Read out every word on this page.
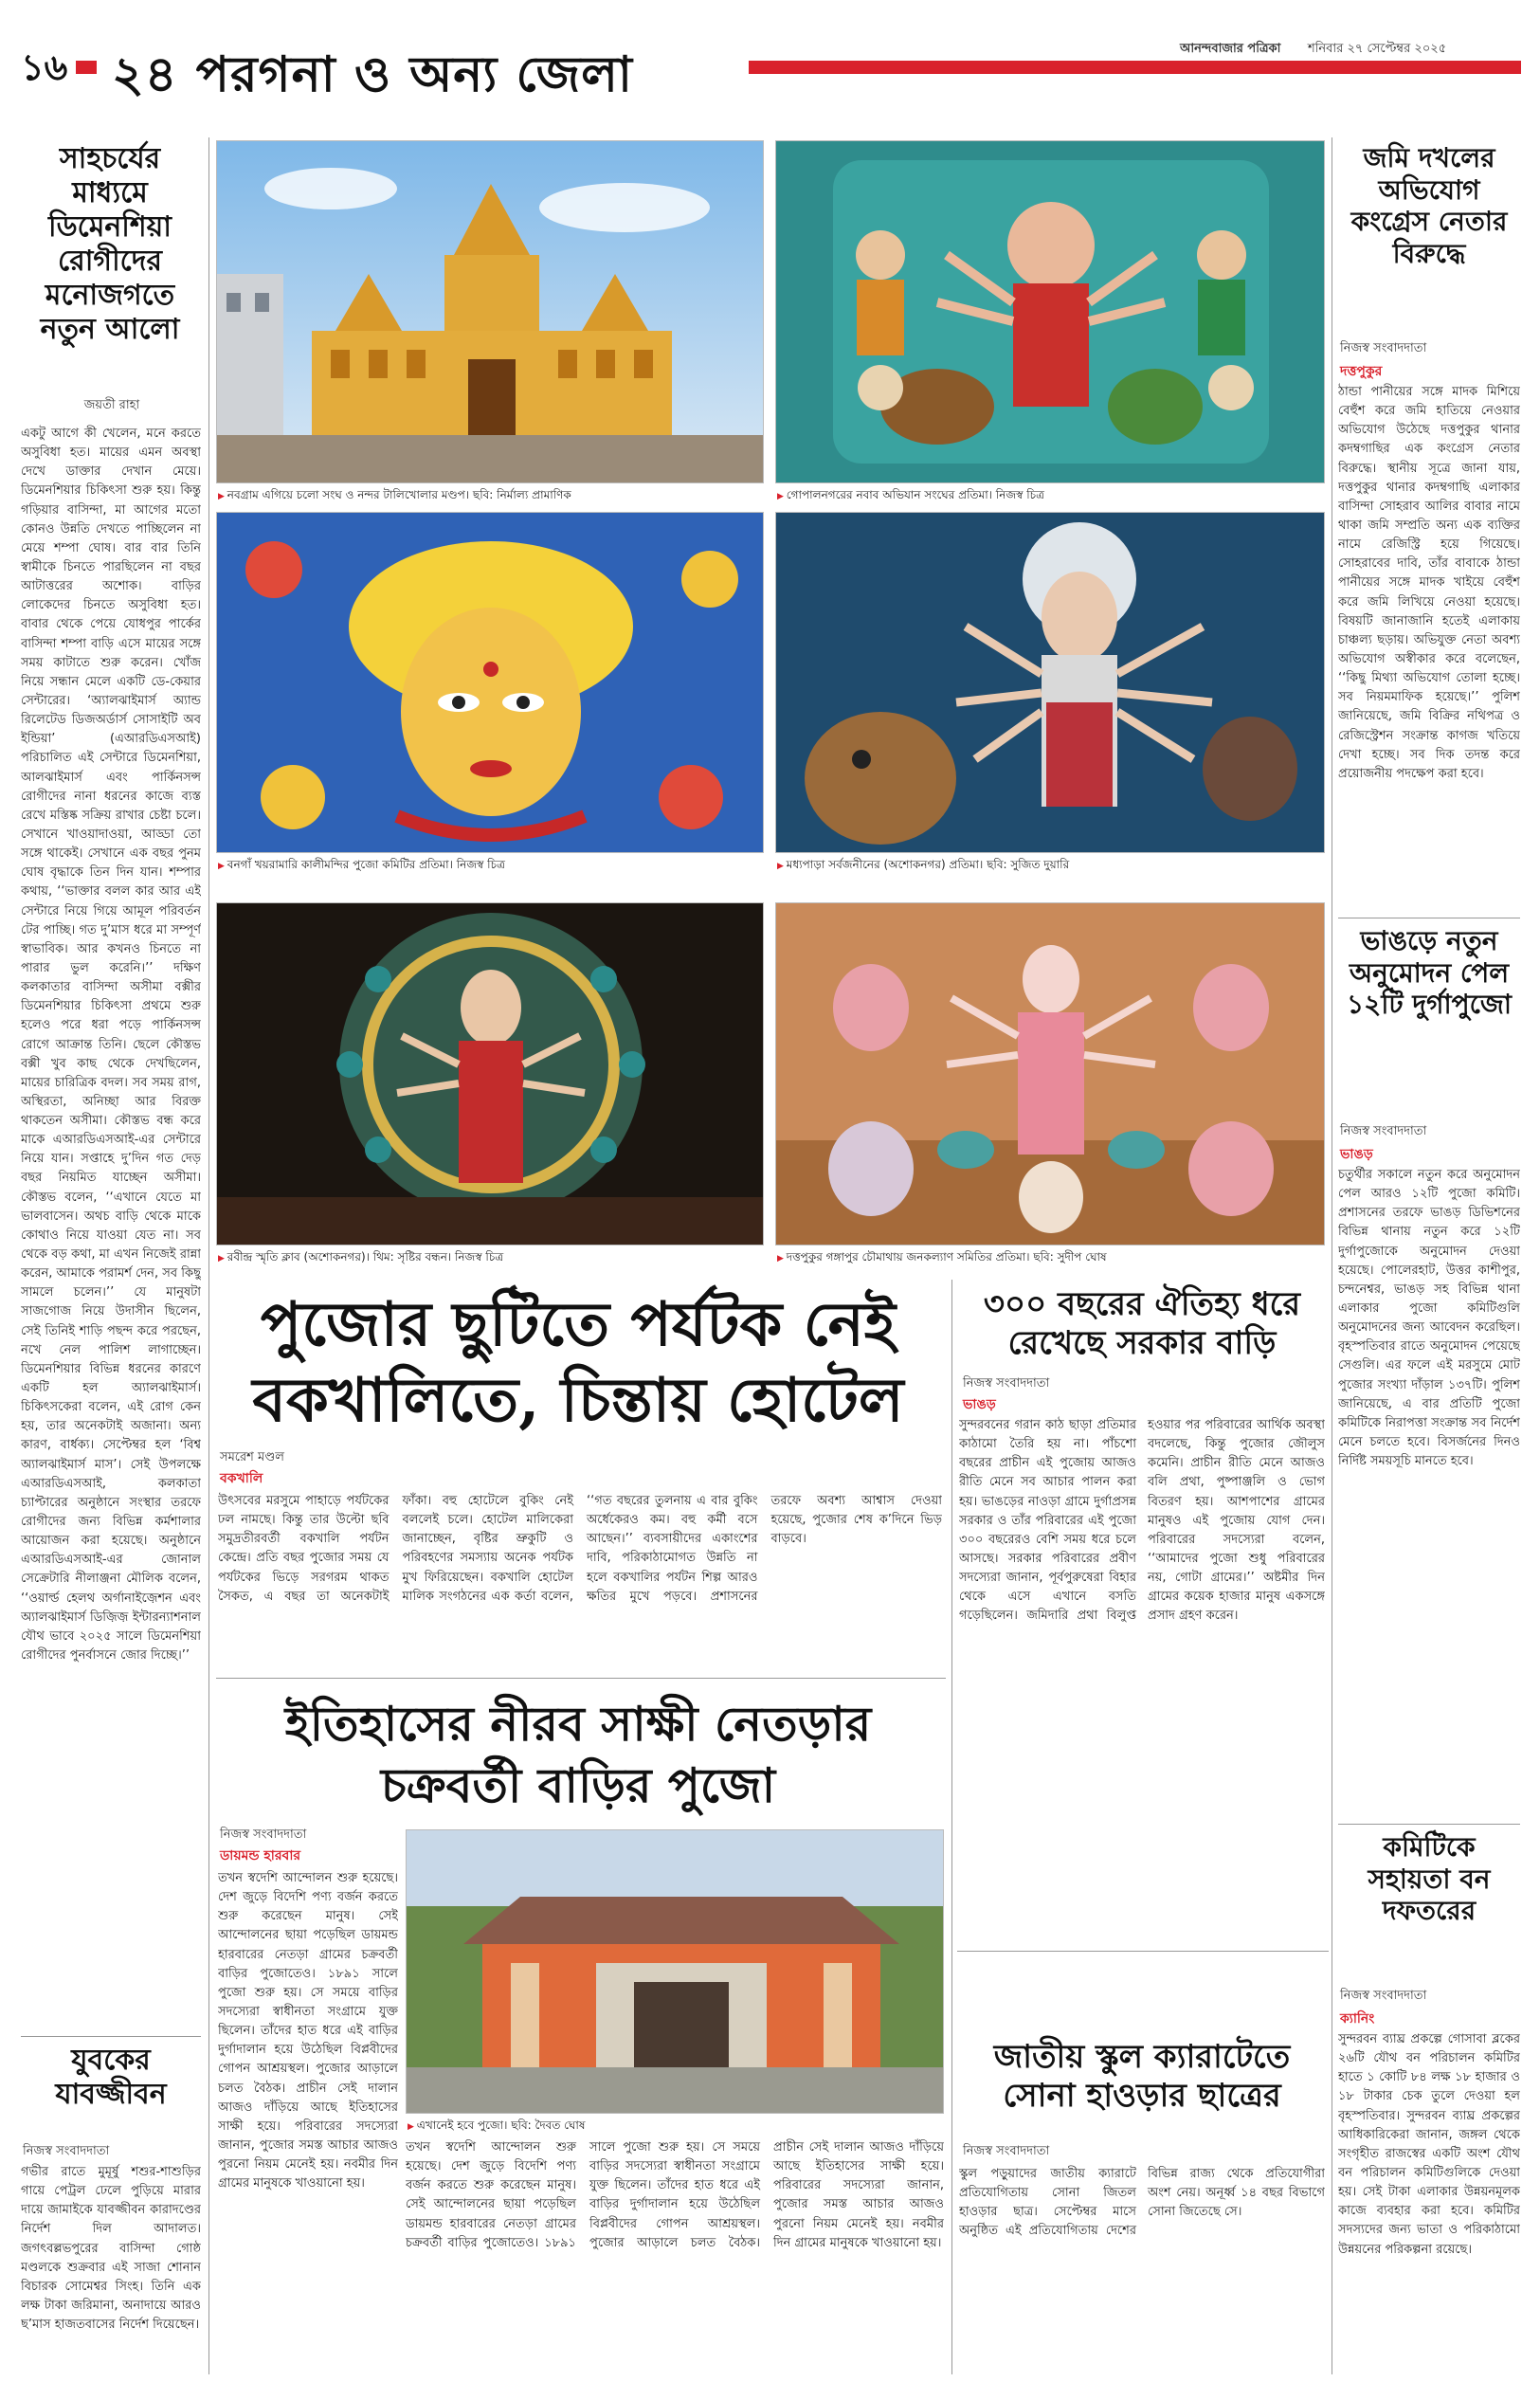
১৬ ২৪ পরগনা ও অন্য জেলা	আনন্দবাজার পত্রিকা শনিবার ২৭ সেপ্টেম্বর ২০২৫
সাহচর্যের মাধ্যমে ডিমেনশিয়া রোগীদের মনোজগতে নতুন আলো
জয়তী রাহা
একটু আগে কী খেলেন, মনে করতে অসুবিধা হত। মায়ের এমন অবস্থা দেখে ডাক্তার দেখান মেয়ে। ডিমেনশিয়ার চিকিৎসা শুরু হয়। কিন্তু গড়িয়ার বাসিন্দা, মা আগের মতো কোনও উন্নতি দেখতে পাচ্ছিলেন না মেয়ে শম্পা ঘোষ। বার বার তিনি স্বামীকে চিনতে পারছিলেন না বছর আটাত্তরের অশোক। বাড়ির লোকেদের চিনতে অসুবিধা হত। বাবার থেকে পেয়ে যোধপুর পার্কের বাসিন্দা শম্পা বাড়ি এসে মায়ের সঙ্গে সময় কাটাতে শুরু করেন। খোঁজ নিয়ে সন্ধান মেলে একটি ডে-কেয়ার সেন্টারের। ‘অ্যালঝাইমার্স অ্যান্ড রিলেটেড ডিজঅর্ডার্স সোসাইটি অব ইন্ডিয়া’ (এআরডিএসআই) পরিচালিত এই সেন্টারে ডিমেনশিয়া, আলঝাইমার্স এবং পার্কিনসন্স রোগীদের নানা ধরনের কাজে ব্যস্ত রেখে মস্তিষ্ক সক্রিয় রাখার চেষ্টা চলে। সেখানে খাওয়াদাওয়া, আড্ডা তো সঙ্গে থাকেই। সেখানে এক বছর পুনম ঘোষ বৃদ্ধাকে তিন দিন যান। শম্পার কথায়, ‘‘ভাক্তার বলল কার আর এই সেন্টারে নিয়ে গিয়ে আমূল পরিবর্তন টের পাচ্ছি। গত দু’মাস ধরে মা সম্পূর্ণ স্বাভাবিক। আর কখনও চিনতে না পারার ভুল করেনি।’’ দক্ষিণ কলকাতার বাসিন্দা অসীমা বক্সীর ডিমেনশিয়ার চিকিৎসা প্রথমে শুরু হলেও পরে ধরা পড়ে পার্কিনসন্স রোগে আক্রান্ত তিনি। ছেলে কৌস্তভ বক্সী খুব কাছ থেকে দেখছিলেন, মায়ের চারিত্রিক বদল। সব সময় রাগ, অস্থিরতা, অনিচ্ছা আর বিরক্ত থাকতেন অসীমা। কৌস্তভ বন্ধ করে মাকে এআরডিএসআই-এর সেন্টারে নিয়ে যান। সপ্তাহে দু’দিন গত দেড় বছর নিয়মিত যাচ্ছেন অসীমা। কৌস্তভ বলেন, ‘‘এখানে যেতে মা ভালবাসেন। অথচ বাড়ি থেকে মাকে কোথাও নিয়ে যাওয়া যেত না। সব থেকে বড় কথা, মা এখন নিজেই রান্না করেন, আমাকে পরামর্শ দেন, সব কিছু সামলে চলেন।’’ যে মানুষটা সাজগোজ নিয়ে উদাসীন ছিলেন, সেই তিনিই শাড়ি পছন্দ করে পরছেন, নখে নেল পালিশ লাগাচ্ছেন। ডিমেনশিয়ার বিভিন্ন ধরনের কারণে একটি হল অ্যালঝাইমার্স। চিকিৎসকেরা বলেন, এই রোগ কেন হয়, তার অনেকটাই অজানা। অন্য কারণ, বার্ধক্য। সেপ্টেম্বর হল ‘বিশ্ব অ্যালঝাইমার্স মাস’। সেই উপলক্ষে এআরডিএসআই, কলকাতা চ্যাপ্টারের অনুষ্ঠানে সংস্থার তরফে রোগীদের জন্য বিভিন্ন কর্মশালার আয়োজন করা হয়েছে। অনুষ্ঠানে এআরডিএসআই-এর জোনাল সেক্রেটারি নীলাঞ্জনা মৌলিক বলেন, ‘‘ওয়ার্ল্ড হেলথ অর্গানাইজ়েশন এবং অ্যালঝাইমার্স ডিজ়িজ় ইন্টারন্যাশনাল যৌথ ভাবে ২০২৫ সালে ডিমেনশিয়া রোগীদের পুনর্বাসনে জোর দিচ্ছে।’’
যুবকের যাবজ্জীবন
নিজস্ব সংবাদদাতা
গভীর রাতে মুমূর্ষু শশুর-শাশুড়ির গায়ে পেট্রল ঢেলে পুড়িয়ে মারার দায়ে জামাইকে যাবজ্জীবন কারাদণ্ডের নির্দেশ দিল আদালত। জগৎবল্লভপুরের বাসিন্দা গোষ্ঠ মণ্ডলকে শুক্রবার এই সাজা শোনান বিচারক সোমেশ্বর সিংহ। তিনি এক লক্ষ টাকা জরিমানা, অনাদায়ে আরও ছ’মাস হাজতবাসের নির্দেশ দিয়েছেন।
▶ নবগ্রাম এগিয়ে চলো সংঘ ও নন্দর টালিখোলার মণ্ডপ। ছবি: নির্মাল্য প্রামাণিক	▶ গোপালনগরের নবাব অভিযান সংঘের প্রতিমা। নিজস্ব চিত্র
▶ বনগাঁ খয়রামারি কালীমন্দির পুজো কমিটির প্রতিমা। নিজস্ব চিত্র	▶ মধ্যপাড়া সর্বজনীনের (অশোকনগর) প্রতিমা। ছবি: সুজিত দুয়ারি
▶ রবীন্দ্র স্মৃতি ক্লাব (অশোকনগর)। থিম: সৃষ্টির বন্ধন। নিজস্ব চিত্র	▶ দত্তপুকুর গঙ্গাপুর চৌমাথায় জনকল্যাণ সমিতির প্রতিমা। ছবি: সুদীপ ঘোষ
পুজোর ছুটিতে পর্যটক নেই বকখালিতে, চিন্তায় হোটেল
সমরেশ মণ্ডল
বকখালি
উৎসবের মরসুমে পাহাড়ে পর্যটকের ঢল নামছে। কিন্তু তার উল্টো ছবি সমুদ্রতীরবর্তী বকখালি পর্যটন কেন্দ্রে। প্রতি বছর পুজোর সময় যে পর্যটকের ভিড়ে সরগরম থাকত সৈকত, এ বছর তা অনেকটাই ফাঁকা। বহু হোটেলে বুকিং নেই বললেই চলে। হোটেল মালিকেরা জানাচ্ছেন, বৃষ্টির ভ্রুকুটি ও পরিবহণের সমস্যায় অনেক পর্যটক মুখ ফিরিয়েছেন। বকখালি হোটেল মালিক সংগঠনের এক কর্তা বলেন, ‘‘গত বছরের তুলনায় এ বার বুকিং অর্ধেকেরও কম। বহু কর্মী বসে আছেন।’’ ব্যবসায়ীদের একাংশের দাবি, পরিকাঠামোগত উন্নতি না হলে বকখালির পর্যটন শিল্প আরও ক্ষতির মুখে পড়বে। প্রশাসনের তরফে অবশ্য আশ্বাস দেওয়া হয়েছে, পুজোর শেষ ক’দিনে ভিড় বাড়বে।
ইতিহাসের নীরব সাক্ষী নেতড়ার চক্রবর্তী বাড়ির পুজো
নিজস্ব সংবাদদাতা
ডায়মন্ড হারবার
তখন স্বদেশি আন্দোলন শুরু হয়েছে। দেশ জুড়ে বিদেশি পণ্য বর্জন করতে শুরু করেছেন মানুষ। সেই আন্দোলনের ছায়া পড়েছিল ডায়মন্ড হারবারের নেতড়া গ্রামের চক্রবর্তী বাড়ির পুজোতেও। ১৮৯১ সালে পুজো শুরু হয়। সে সময়ে বাড়ির সদস্যেরা স্বাধীনতা সংগ্রামে যুক্ত ছিলেন। তাঁদের হাত ধরে এই বাড়ির দুর্গাদালান হয়ে উঠেছিল বিপ্লবীদের গোপন আশ্রয়স্থল। পুজোর আড়ালে চলত বৈঠক। প্রাচীন সেই দালান আজও দাঁড়িয়ে আছে ইতিহাসের সাক্ষী হয়ে। পরিবারের সদস্যেরা জানান, পুজোর সমস্ত আচার আজও পুরনো নিয়ম মেনেই হয়। নবমীর দিন গ্রামের মানুষকে খাওয়ানো হয়।
▶ এখানেই হবে পুজো। ছবি: দৈবত ঘোষ
তখন স্বদেশি আন্দোলন শুরু হয়েছে। দেশ জুড়ে বিদেশি পণ্য বর্জন করতে শুরু করেছেন মানুষ। সেই আন্দোলনের ছায়া পড়েছিল ডায়মন্ড হারবারের নেতড়া গ্রামের চক্রবর্তী বাড়ির পুজোতেও। ১৮৯১ সালে পুজো শুরু হয়। সে সময়ে বাড়ির সদস্যেরা স্বাধীনতা সংগ্রামে যুক্ত ছিলেন। তাঁদের হাত ধরে এই বাড়ির দুর্গাদালান হয়ে উঠেছিল বিপ্লবীদের গোপন আশ্রয়স্থল। পুজোর আড়ালে চলত বৈঠক। প্রাচীন সেই দালান আজও দাঁড়িয়ে আছে ইতিহাসের সাক্ষী হয়ে। পরিবারের সদস্যেরা জানান, পুজোর সমস্ত আচার আজও পুরনো নিয়ম মেনেই হয়। নবমীর দিন গ্রামের মানুষকে খাওয়ানো হয়।
৩০০ বছরের ঐতিহ্য ধরে রেখেছে সরকার বাড়ি
নিজস্ব সংবাদদাতা
ভাঙড়
সুন্দরবনের গরান কাঠ ছাড়া প্রতিমার কাঠামো তৈরি হয় না। পাঁচশো বছরের প্রাচীন এই পুজোয় আজও রীতি মেনে সব আচার পালন করা হয়। ভাঙড়ের নাওড়া গ্রামে দুর্গাপ্রসন্ন সরকার ও তাঁর পরিবারের এই পুজো ৩০০ বছরেরও বেশি সময় ধরে চলে আসছে। সরকার পরিবারের প্রবীণ সদস্যেরা জানান, পূর্বপুরুষেরা বিহার থেকে এসে এখানে বসতি গড়েছিলেন। জমিদারি প্রথা বিলুপ্ত হওয়ার পর পরিবারের আর্থিক অবস্থা বদলেছে, কিন্তু পুজোর জৌলুস কমেনি। প্রাচীন রীতি মেনে আজও বলি প্রথা, পুষ্পাঞ্জলি ও ভোগ বিতরণ হয়। আশপাশের গ্রামের মানুষও এই পুজোয় যোগ দেন। পরিবারের সদস্যেরা বলেন, ‘‘আমাদের পুজো শুধু পরিবারের নয়, গোটা গ্রামের।’’ অষ্টমীর দিন গ্রামের কয়েক হাজার মানুষ একসঙ্গে প্রসাদ গ্রহণ করেন।
জাতীয় স্কুল ক্যারাটেতে সোনা হাওড়ার ছাত্রের
নিজস্ব সংবাদদাতা
স্কুল পড়ুয়াদের জাতীয় ক্যারাটে প্রতিযোগিতায় সোনা জিতল হাওড়ার ছাত্র। সেপ্টেম্বর মাসে অনুষ্ঠিত এই প্রতিযোগিতায় দেশের বিভিন্ন রাজ্য থেকে প্রতিযোগীরা অংশ নেয়। অনূর্ধ্ব ১৪ বছর বিভাগে সোনা জিতেছে সে।
জমি দখলের অভিযোগ কংগ্রেস নেতার বিরুদ্ধে
নিজস্ব সংবাদদাতা
দত্তপুকুর
ঠান্ডা পানীয়ের সঙ্গে মাদক মিশিয়ে বেহুঁশ করে জমি হাতিয়ে নেওয়ার অভিযোগ উঠেছে দত্তপুকুর থানার কদম্বগাছির এক কংগ্রেস নেতার বিরুদ্ধে। স্থানীয় সূত্রে জানা যায়, দত্তপুকুর থানার কদম্বগাছি এলাকার বাসিন্দা সোহরাব আলির বাবার নামে থাকা জমি সম্প্রতি অন্য এক ব্যক্তির নামে রেজিস্ট্রি হয়ে গিয়েছে। সোহরাবের দাবি, তাঁর বাবাকে ঠান্ডা পানীয়ের সঙ্গে মাদক খাইয়ে বেহুঁশ করে জমি লিখিয়ে নেওয়া হয়েছে। বিষয়টি জানাজানি হতেই এলাকায় চাঞ্চল্য ছড়ায়। অভিযুক্ত নেতা অবশ্য অভিযোগ অস্বীকার করে বলেছেন, ‘‘কিছু মিথ্যা অভিযোগ তোলা হচ্ছে। সব নিয়মমাফিক হয়েছে।’’ পুলিশ জানিয়েছে, জমি বিক্রির নথিপত্র ও রেজিস্ট্রেশন সংক্রান্ত কাগজ খতিয়ে দেখা হচ্ছে। সব দিক তদন্ত করে প্রয়োজনীয় পদক্ষেপ করা হবে।
ভাঙড়ে নতুন অনুমোদন পেল ১২টি দুর্গাপুজো
নিজস্ব সংবাদদাতা
ভাঙড়
চতুর্থীর সকালে নতুন করে অনুমোদন পেল আরও ১২টি পুজো কমিটি। প্রশাসনের তরফে ভাঙড় ডিভিশনের বিভিন্ন থানায় নতুন করে ১২টি দুর্গাপুজোকে অনুমোদন দেওয়া হয়েছে। পোলেরহাট, উত্তর কাশীপুর, চন্দনেশ্বর, ভাঙড় সহ বিভিন্ন থানা এলাকার পুজো কমিটিগুলি অনুমোদনের জন্য আবেদন করেছিল। বৃহস্পতিবার রাতে অনুমোদন পেয়েছে সেগুলি। এর ফলে এই মরসুমে মোট পুজোর সংখ্যা দাঁড়াল ১৩৭টি। পুলিশ জানিয়েছে, এ বার প্রতিটি পুজো কমিটিকে নিরাপত্তা সংক্রান্ত সব নির্দেশ মেনে চলতে হবে। বিসর্জনের দিনও নির্দিষ্ট সময়সূচি মানতে হবে।
কমিটিকে সহায়তা বন দফতরের
নিজস্ব সংবাদদাতা
ক্যানিং
সুন্দরবন ব্যাঘ্র প্রকল্পে গোসাবা ব্লকের ২৬টি যৌথ বন পরিচালন কমিটির হাতে ১ কোটি ৮৪ লক্ষ ১৮ হাজার ও ১৮ টাকার চেক তুলে দেওয়া হল বৃহস্পতিবার। সুন্দরবন ব্যাঘ্র প্রকল্পের আধিকারিকেরা জানান, জঙ্গল থেকে সংগৃহীত রাজস্বের একটি অংশ যৌথ বন পরিচালন কমিটিগুলিকে দেওয়া হয়। সেই টাকা এলাকার উন্নয়নমূলক কাজে ব্যবহার করা হবে। কমিটির সদস্যদের জন্য ভাতা ও পরিকাঠামো উন্নয়নের পরিকল্পনা রয়েছে।
